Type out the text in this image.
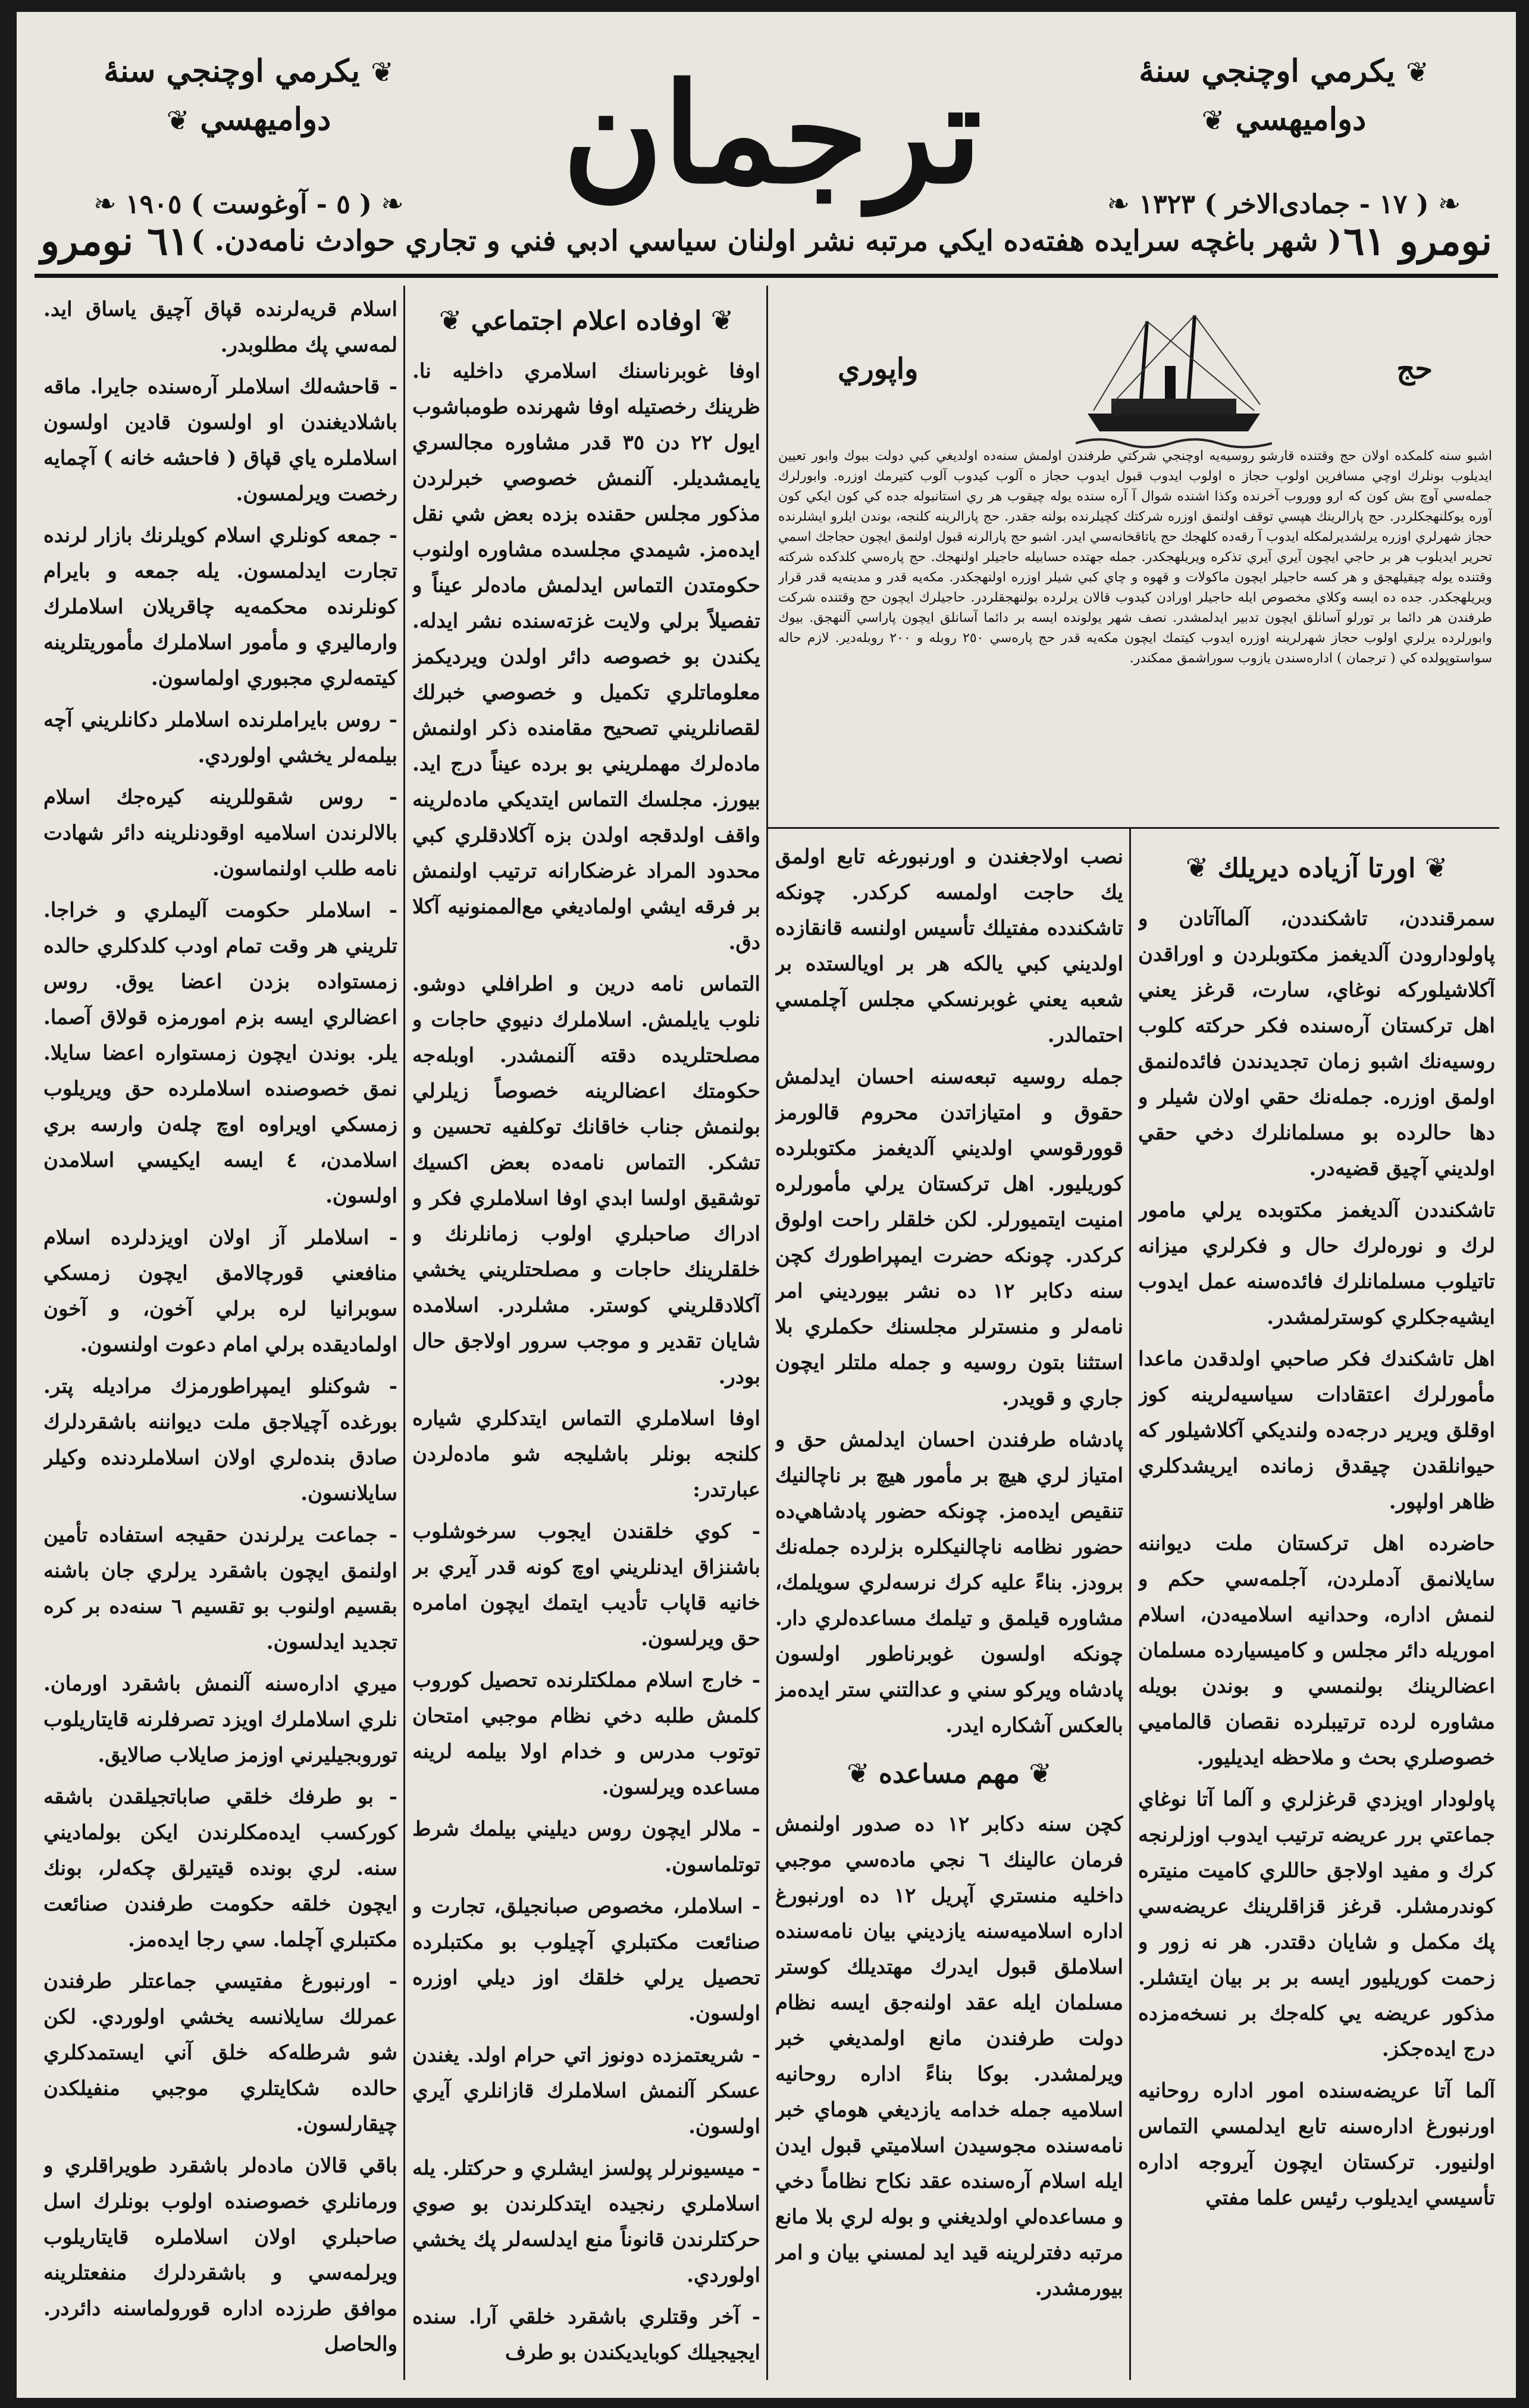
❦ يكرمي اوچنجي سنۀ دواميهسي ❦
❧ ( ١٧ - جمادی‌الاخر ) ١٣٢٣ ❧
ترجمان
❦ يكرمي اوچنجي سنۀ دواميهسي ❦
❧ ( ٥ - آوغوست ) ١٩٠٥ ❧
نومرو ٦١
( شهر باغچه سرايده هفته‌ده ايكي مرتبه نشر اولنان سياسي ادبي فني و تجاري حوادث نامه‌دن. )
٦١ نومرو
حج
واپوري

اشبو سنه كلمكده اولان حج وقتنده قارشو روسيه‌يه اوچنجي شركتي طرفندن اولمش سنه‌ده اولديغي كبي دولت ببوك وابور تعيين ايديلوب بونلرك اوچي مسافرين اولوب حجاز ه اولوب ايدوب قبول ايدوب حجاز ه آلوب كيدوب آلوب كتيرمك اوزره. وابورلرك جمله‌سي آوچ بش كون كه ارو ووروب آخرنده وكذا اشنده شوال آ آره سنده يوله چيقوب هر ري استانبوله جده كي كون ايكي كون آوره يوكلنهجكلردر. حج پارالرينك هپسي توقف اولنمق اوزره شركتك كچيلرنده بولنه جقدر. حج پارالرينه كلنجه، بوندن ايلرو ايشلرنده حجاز شهرلري اوزره يرلشديرلمكله ايدوب آ رقه‌ده كلهجك حج ياتاقخانه‌سي ايدر. اشبو حج پارالرنه قبول اولنمق ايچون حجاجك اسمي تحرير ايديلوب هر بر حاجي ايچون آيري آيري تذكره ويريلهجكدر. جمله جهتده حسابيله حاجيلر اولنهجك. حج پاره‌سي كلدكده شركته وقتنده يوله چيقيلهجق و هر كسه حاجيلر ايچون ماكولات و قهوه و چاي كبي شيلر اوزره اولنهجكدر. مكه‌يه قدر و مدينه‌يه قدر قرار ويريلهجكدر. جده ده ايسه وكلاي مخصوص ايله حاجيلر اورادن كيدوب قالان يرلرده بولنهجقلردر. حاجيلرك ايچون حج وقتنده شركت طرفندن هر دائما بر تورلو آسانلق ايچون تدبير ايدلمشدر. نصف شهر يولونده ايسه بر دائما آسانلق ايچون پاراسي آلنهجق. بيوك وابورلرده يرلري اولوب حجاز شهرلرينه اوزره ايدوب كيتمك ايچون مكه‌يه قدر حج پاره‌سي ٢٥٠ روبله و ٢٠٠ روبله‌دير. لازم حاله سواستوپولده كي ( ترجمان ) اداره‌سندن يازوب سوراشمق ممكندر.

❦ اورتا آزياده ديريلك ❦

سمرقنددن، تاشكنددن، آلماآتادن و پاولودارودن آلديغمز مكتوبلردن و اوراقدن آكلاشيلوركه نوغاي، سارت، قرغز يعني اهل تركستان آره‌سنده فكر حركته كلوب روسيه‌نك اشبو زمان تجديدندن فائده‌لنمق اولمق اوزره. جمله‌نك حقي اولان شيلر و دها حالرده بو مسلمانلرك دخي حقي اولديني آچيق قضيه‌در.

تاشكنددن آلديغمز مكتوبده يرلي مامور لرك و نورەلرك حال و فكرلري ميزانه تاتيلوب مسلمانلرك فائده‌سنه عمل ايدوب ايشيه‌جكلري كوسترلمشدر.

اهل تاشكندك فكر صاحبي اولدقدن ماعدا مأمورلرك اعتقادات سياسيه‌لرينه كوز اوقلق ويرير درجه‌ده ولنديكي آكلاشيلور كه حيوانلقدن چيقدق زمانده ايريشدكلري ظاهر اولپور.

حاضرده اهل تركستان ملت ديواننه سايلانمق آدملردن، آجلمه‌سي حكم و لنمش اداره، وحدانيه اسلاميه‌دن، اسلام اموريله دائر مجلس و كاميسيارده مسلمان اعضالرينك بولنمسي و بوندن بويله مشاوره لرده ترتيبلرده نقصان قالماميي خصوصلري بحث و ملاحظه ايديليور.

پاولودار اويزدي قرغزلري و آلما آتا نوغاي جماعتي برر عريضه ترتيب ايدوب اوزلرنجه كرك و مفيد اولاجق حاللري كاميت منيتره كوندرمشلر. قرغز قزاقلرينك عريضه‌سي پك مكمل و شايان دقتدر. هر نه زور و زحمت كوريليور ايسه بر بر بيان ايتشلر. مذكور عريضه يي كله‌جك بر نسخه‌مزده درج ايده‌جكز.

آلما آتا عريضه‌سنده امور اداره روحانيه اورنبورغ اداره‌سنه تابع ايدلمسي التماس اولنيور. تركستان ايچون آيروجه اداره تأسيسي ايديلوب رئيس علما مفتي

نصب اولاجغندن و اورنبورغه تابع اولمق يك حاجت اولمسه كركدر. چونكه تاشكندده مفتيلك تأسيس اولنسه قانقازده اولديني كبي يالكه هر بر اويالستده بر شعبه يعني غوبرنسكي مجلس آچلمسي احتمالدر.

جمله روسيه تبعه‌سنه احسان ايدلمش حقوق و امتيازاتدن محروم قالورمز قوورقوسي اولديني آلديغمز مكتوبلرده كوريليور. اهل تركستان يرلي مأمورلره امنيت ايتميورلر. لكن خلقلر راحت اولوق كركدر. چونكه حضرت ايمپراطورك كچن سنه دكابر ١٢ ده نشر بيورديني امر نامه‌لر و منسترلر مجلسنك حكملري بلا استثنا بتون روسيه و جمله ملتلر ايچون جاري و قويدر.

پادشاه طرفندن احسان ايدلمش حق و امتياز لري هيچ بر مأمور هيچ بر ناچالنيك تنقيص ايده‌مز. چونكه حضور پادشاهي‌ده حضور نظامه ناچالنيكلره بزلرده جمله‌نك برودز. بناءً عليه كرك نرسه‌لري سويلمك، مشاوره قيلمق و تيلمك مساعده‌لري دار. چونكه اولسون غوبرناطور اولسون پادشاه ويركو سني و عدالتني ستر ايدەمز بالعكس آشكاره ايدر.

❦ مهم مساعده ❦

كچن سنه دكابر ١٢ ده صدور اولنمش فرمان عالينك ٦ نجي ماده‌سي موجبي داخليه منستري آپريل ١٢ ده اورنبورغ اداره اسلاميه‌سنه يازديني بيان نامه‌سنده اسلاملق قبول ايدرك مهتديلك كوستر مسلمان ايله عقد اولنەجق ايسه نظام دولت طرفندن مانع اولمديغي خبر ويرلمشدر. بوكا بناءً اداره روحانيه اسلاميه جمله خدامه يازديغي هوماي خبر نامه‌سنده مجوسيدن اسلاميتي قبول ايدن ايله اسلام آره‌سنده عقد نكاح نظاماً دخي و مساعده‌لي اولديغني و بوله لري بلا مانع مرتبه دفترلرينه قيد ايد لمسني بيان و امر بيورمشدر.

❦ اوفاده اعلام اجتماعي ❦

اوفا غوبرناسنك اسلامري داخليه نا. ظرينك رخصتيله اوفا شهرنده طومباشوب ايول ٢٢ دن ٣٥ قدر مشاوره مجالسري يايمشديلر. آلنمش خصوصي خبرلردن مذكور مجلس حقنده بزده بعض شي نقل ايدەمز. شيمدي مجلسده مشاوره اولنوب حكومتدن التماس ايدلمش ماده‌لر عيناً و تفصيلاً برلي ولايت غزته‌سنده نشر ايدلە. يكندن بو خصوصه دائر اولدن ويرديكمز معلوماتلري تكميل و خصوصي خبرلك لقصانلريني تصحيح مقامنده ذكر اولنمش ماده‌لرك مهملريني بو برده عيناً درج ايد. بيورز. مجلسك التماس ايتديكي ماده‌لرينه واقف اولدقجه اولدن بزه آكلادقلري كبي محدود المراد غرضكارانه ترتيب اولنمش بر فرقه ايشي اولماديغي مع‌الممنونيه آكلا دق.

التماس نامه درين و اطرافلي دوشو. نلوب يايلمش. اسلاملرك دنيوي حاجات و مصلحتلريده دقته آلنمشدر. اوبلەجه حكومتك اعضالرينه خصوصاً زيلرلي بولنمش جناب خاقانك توكلفيه تحسين و تشكر. التماس نامه‌ده بعض اكسيك توشقيق اولسا ابدي اوفا اسلاملري فكر و ادراك صاحبلري اولوب زمانلرنك و خلقلرينك حاجات و مصلحتلريني يخشي آكلادقلريني كوستر. مشلردر. اسلامده شايان تقدير و موجب سرور اولاجق حال بودر.

اوفا اسلاملري التماس ايتدكلري شياره كلنجه بونلر باشليجه شو ماده‌لردن عبارتدر:

- كوي خلقندن ايجوب سرخوشلوب باشنزاق ايدنلريني اوچ كونه قدر آيري بر خانيه قاپاب تأديب ايتمك ايچون امامره حق ويرلسون.

- خارج اسلام مملكتلرنده تحصيل كوروب كلمش طلبه دخي نظام موجبي امتحان توتوب مدرس و خدام اولا بيلمه لرينه مساعده ويرلسون.

- ملالر ايچون روس ديليني بيلمك شرط توتلماسون.

- اسلاملر، مخصوص صبانجيلق، تجارت و صنائعت مكتبلري آچيلوب بو مكتبلرده تحصيل يرلي خلقك اوز ديلي اوزره اولسون.

- شريعتمزده دونوز اتي حرام اولد. يغندن عسكر آلنمش اسلاملرك قازانلري آيري اولسون.

- ميسيونرلر پولسز ايشلري و حركتلر. يله اسلاملري رنجيده ايتدكلرندن بو صوي حركتلرندن قانوناً منع ايدلسه‌لر پك يخشي اولوردي.

- آخر وقتلري باشقرد خلقي آرا. سنده ايجيجيلك كوبايديكندن بو طرف

اسلام قريه‌لرنده قپاق آچيق ياساق ايد. لمه‌سي پك مطلوبدر.

- قاحشەلك اسلاملر آره‌سنده جايرا. ماقه باشلاديغندن او اولسون قادين اولسون اسلاملره ياي قپاق ( فاحشه خانه ) آچمايه رخصت ويرلمسون.

- جمعه كونلري اسلام كويلرنك بازار لرنده تجارت ايدلمسون. يله جمعه و بايرام كونلرنده محكمه‌يه چاقريلان اسلاملرك وارماليري و مأمور اسلاملرك مأموريتلرينه كيتمەلري مجبوري اولماسون.

- روس بايراملرنده اسلاملر دكانلريني آچه بيلمه‌لر يخشي اولوردي.

- روس شقوللرينه كيرەجك اسلام بالالرندن اسلاميه اوقودنلرينه دائر شهادت نامه طلب اولنماسون.

- اسلاملر حكومت آليملري و خراجا. تلريني هر وقت تمام اودب كلدكلري حالده زمستواده بزدن اعضا يوق. روس اعضالري ايسه بزم امورمزه قولاق آصما. يلر. بوندن ايچون زمستواره اعضا سايلا. نمق خصوصنده اسلاملرده حق ويريلوب زمسكي اويراوه اوچ چلەن وارسه بري اسلامدن، ٤ ايسه ايكيسي اسلامدن اولسون.

- اسلاملر آز اولان اويزدلرده اسلام منافعني قورچالامق ايچون زمسكي سوبرانيا لره برلي آخون، و آخون اولماديقده برلي امام دعوت اولنسون.

- شوكنلو ايمپراطورمزك مراديله پتر. بورغده آچيلاجق ملت ديواننه باشقردلرك صادق بنده‌لري اولان اسلاملردنده وكيلر سايلانسون.

- جماعت يرلرندن حقيجه استفاده تأمين اولنمق ايچون باشقرد يرلري جان باشنه بقسيم اولنوب بو تقسيم ٦ سنەده بر كره تجديد ايدلسون.

ميري اداره‌سنه آلنمش باشقرد اورمان. نلري اسلاملرك اويزد تصرفلرنه قايتاريلوب توروبجيليرني اوزمز صايلاب صالايق.

- بو طرفك خلقي صاباتجيلقدن باشقه كوركسب ايده‌مكلرندن ايكن بولماديني سنه. لري بونده قيتيرلق چكه‌لر، بونك ايچون خلقه حكومت طرفندن صنائعت مكتبلري آچلما. سي رجا ايده‌مز.

- اورنبورغ مفتيسي جماعتلر طرفندن عمرلك سايلانسه يخشي اولوردي. لكن شو شرطله‌كه خلق آني ايستمدكلري حالده شكايتلري موجبي منفيلكدن چيقارلسون.

باقي قالان ماده‌لر باشقرد طويراقلري و ورمانلري خصوصنده اولوب بونلرك اسل صاحبلري اولان اسلاملره قايتاريلوب ويرلمه‌سي و باشقردلرك منفعتلرينه موافق طرزده اداره قورولماسنه دائر‌در. والحاصل
